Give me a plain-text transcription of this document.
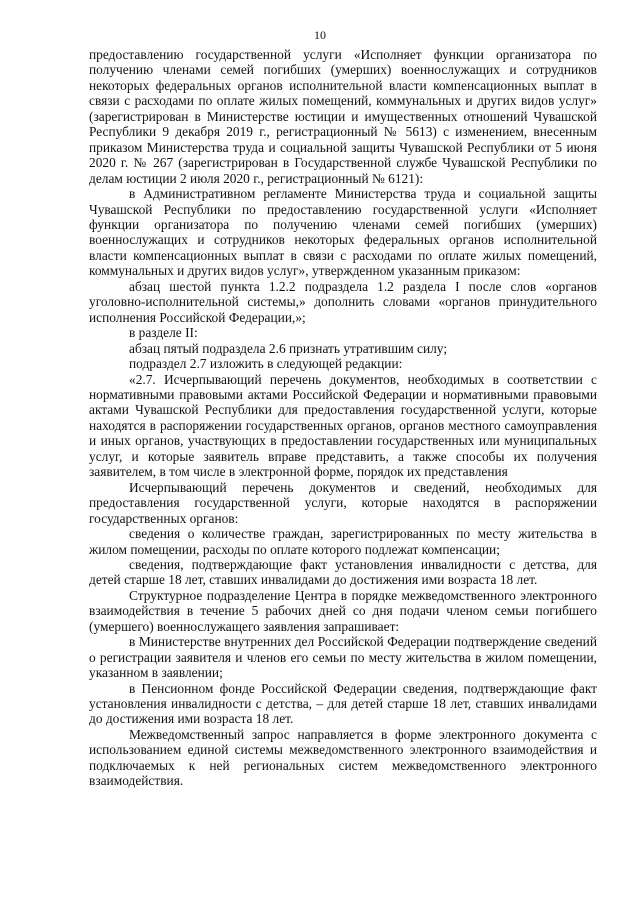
10

предоставлению государственной услуги «Исполняет функции организатора по получению членами семей погибших (умерших) военнослужащих и сотрудников некоторых федеральных органов исполнительной власти компенсационных выплат в связи с расходами по оплате жилых помещений, коммунальных и других видов услуг» (зарегистрирован в Министерстве юстиции и имущественных отношений Чувашской Республики 9 декабря 2019 г., регистрационный № 5613) с изменением, внесенным приказом Министерства труда и социальной защиты Чувашской Республики от 5 июня 2020 г. № 267 (зарегистрирован в Государственной службе Чувашской Республики по делам юстиции 2 июля 2020 г., регистрационный № 6121):

в Административном регламенте Министерства труда и социальной защиты Чувашской Республики по предоставлению государственной услуги «Исполняет функции организатора по получению членами семей погибших (умерших) военнослужащих и сотрудников некоторых федеральных органов исполнительной власти компенсационных выплат в связи с расходами по оплате жилых помещений, коммунальных и других видов услуг», утвержденном указанным приказом:

абзац шестой пункта 1.2.2 подраздела 1.2 раздела I после слов «органов уголовно-исполнительной системы,» дополнить словами «органов принудительного исполнения Российской Федерации,»;

в разделе II:

абзац пятый подраздела 2.6 признать утратившим силу;

подраздел 2.7 изложить в следующей редакции:

«2.7. Исчерпывающий перечень документов, необходимых в соответствии с нормативными правовыми актами Российской Федерации и нормативными правовыми актами Чувашской Республики для предоставления государственной услуги, которые находятся в распоряжении государственных органов, органов местного самоуправления и иных органов, участвующих в предоставлении государственных или муниципальных услуг, и которые заявитель вправе представить, а также способы их получения заявителем, в том числе в электронной форме, порядок их представления

Исчерпывающий перечень документов и сведений, необходимых для предоставления государственной услуги, которые находятся в распоряжении государственных органов:

сведения о количестве граждан, зарегистрированных по месту жительства в жилом помещении, расходы по оплате которого подлежат компенсации;

сведения, подтверждающие факт установления инвалидности с детства, для детей старше 18 лет, ставших инвалидами до достижения ими возраста 18 лет.

Структурное подразделение Центра в порядке межведомственного электронного взаимодействия в течение 5 рабочих дней со дня подачи членом семьи погибшего (умершего) военнослужащего заявления запрашивает:

в Министерстве внутренних дел Российской Федерации подтверждение сведений о регистрации заявителя и членов его семьи по месту жительства в жилом помещении, указанном в заявлении;

в Пенсионном фонде Российской Федерации сведения, подтверждающие факт установления инвалидности с детства, – для детей старше 18 лет, ставших инвалидами до достижения ими возраста 18 лет.

Межведомственный запрос направляется в форме электронного документа с использованием единой системы межведомственного электронного взаимодействия и подключаемых к ней региональных систем межведомственного электронного взаимодействия.
